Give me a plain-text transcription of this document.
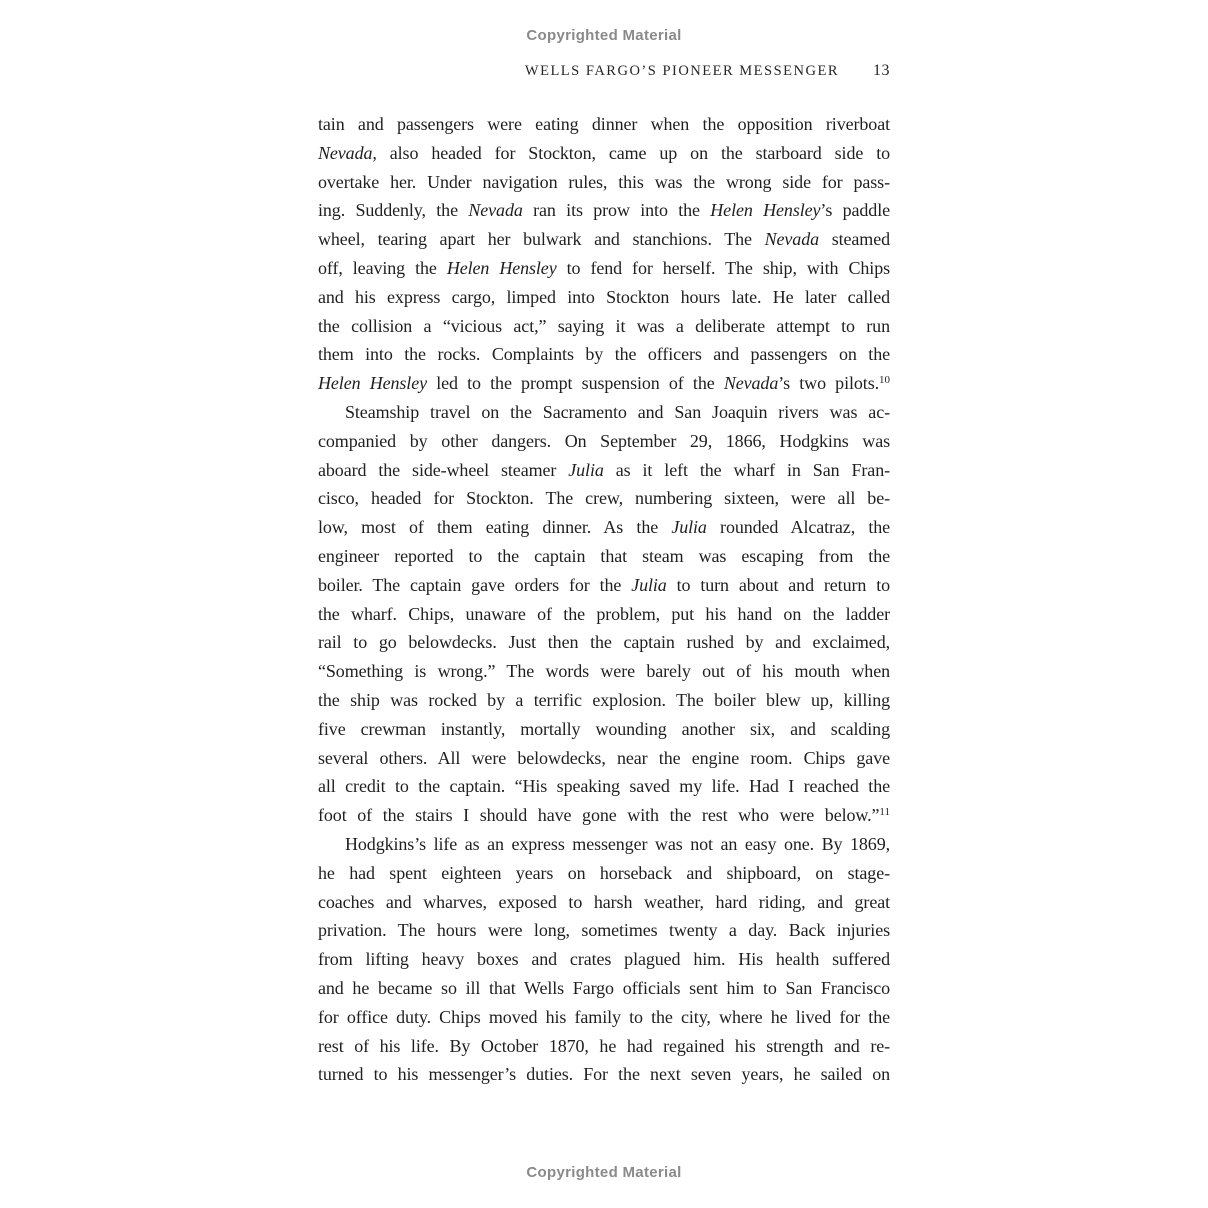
Copyrighted Material
WELLS FARGO’S PIONEER MESSENGER 13
tain and passengers were eating dinner when the opposition riverboat
Nevada, also headed for Stockton, came up on the starboard side to
overtake her. Under navigation rules, this was the wrong side for pass-
ing. Suddenly, the Nevada ran its prow into the Helen Hensley’s paddle
wheel, tearing apart her bulwark and stanchions. The Nevada steamed
off, leaving the Helen Hensley to fend for herself. The ship, with Chips
and his express cargo, limped into Stockton hours late. He later called
the collision a “vicious act,” saying it was a deliberate attempt to run
them into the rocks. Complaints by the officers and passengers on the
Helen Hensley led to the prompt suspension of the Nevada’s two pilots.$^{10}$
Steamship travel on the Sacramento and San Joaquin rivers was ac-
companied by other dangers. On September 29, 1866, Hodgkins was
aboard the side-wheel steamer Julia as it left the wharf in San Fran-
cisco, headed for Stockton. The crew, numbering sixteen, were all be-
low, most of them eating dinner. As the Julia rounded Alcatraz, the
engineer reported to the captain that steam was escaping from the
boiler. The captain gave orders for the Julia to turn about and return to
the wharf. Chips, unaware of the problem, put his hand on the ladder
rail to go belowdecks. Just then the captain rushed by and exclaimed,
“Something is wrong.” The words were barely out of his mouth when
the ship was rocked by a terrific explosion. The boiler blew up, killing
five crewman instantly, mortally wounding another six, and scalding
several others. All were belowdecks, near the engine room. Chips gave
all credit to the captain. “His speaking saved my life. Had I reached the
foot of the stairs I should have gone with the rest who were below.”$^{11}$
Hodgkins’s life as an express messenger was not an easy one. By 1869,
he had spent eighteen years on horseback and shipboard, on stage-
coaches and wharves, exposed to harsh weather, hard riding, and great
privation. The hours were long, sometimes twenty a day. Back injuries
from lifting heavy boxes and crates plagued him. His health suffered
and he became so ill that Wells Fargo officials sent him to San Francisco
for office duty. Chips moved his family to the city, where he lived for the
rest of his life. By October 1870, he had regained his strength and re-
turned to his messenger’s duties. For the next seven years, he sailed on
Copyrighted Material
